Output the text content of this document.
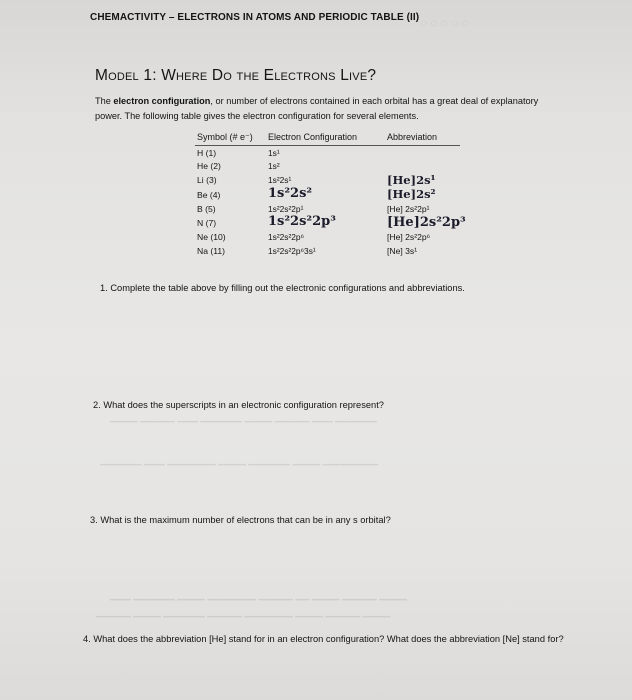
◌ ◌ ◌ ◌ ◌
CHEMACTIVITY – ELECTRONS IN ATOMS AND PERIODIC TABLE (II)
Model 1: Where Do the Electrons Live?
The electron configuration, or number of electrons contained in each orbital has a great deal of explanatory power. The following table gives the electron configuration for several elements.
Symbol (# e⁻) Electron Configuration	Abbreviation
H (1)
He (2)
Li (3)
Be (4)
B (5)
N (7)
Ne (10)
Na (11)
1s¹
1s²
1s²2s¹
1s²2s²
1s²2s²2p¹
1s²2s²2p³
1s²2s²2p⁶
1s²2s²2p⁶3s¹
[He]2s¹
[He]2s²
[He] 2s²2p¹
[He]2s²2p³
[He] 2s²2p⁶
[Ne] 3s¹
1. Complete the table above by filling out the electronic configurations and abbreviations.
2. What does the superscripts in an electronic configuration represent?
3. What is the maximum number of electrons that can be in any s orbital?
4. What does the abbreviation [He] stand for in an electron configuration? What does the abbreviation [Ne] stand for?
▁▁▁▁ ▁▁▁▁▁ ▁▁▁ ▁▁▁▁▁▁ ▁▁▁▁ ▁▁▁▁▁ ▁▁▁ ▁▁▁▁▁▁
▁▁▁▁▁▁ ▁▁▁ ▁▁▁▁▁▁▁ ▁▁▁▁ ▁▁▁▁▁▁ ▁▁▁▁ ▁▁▁▁▁▁▁▁
▁▁▁ ▁▁▁▁▁▁ ▁▁▁▁ ▁▁▁▁▁▁▁ ▁▁▁▁▁ ▁▁ ▁▁▁▁ ▁▁▁▁▁ ▁▁▁▁
▁▁▁▁▁ ▁▁▁▁ ▁▁▁▁▁▁ ▁▁▁▁▁ ▁▁▁▁▁▁▁ ▁▁▁▁ ▁▁▁▁▁ ▁▁▁▁
